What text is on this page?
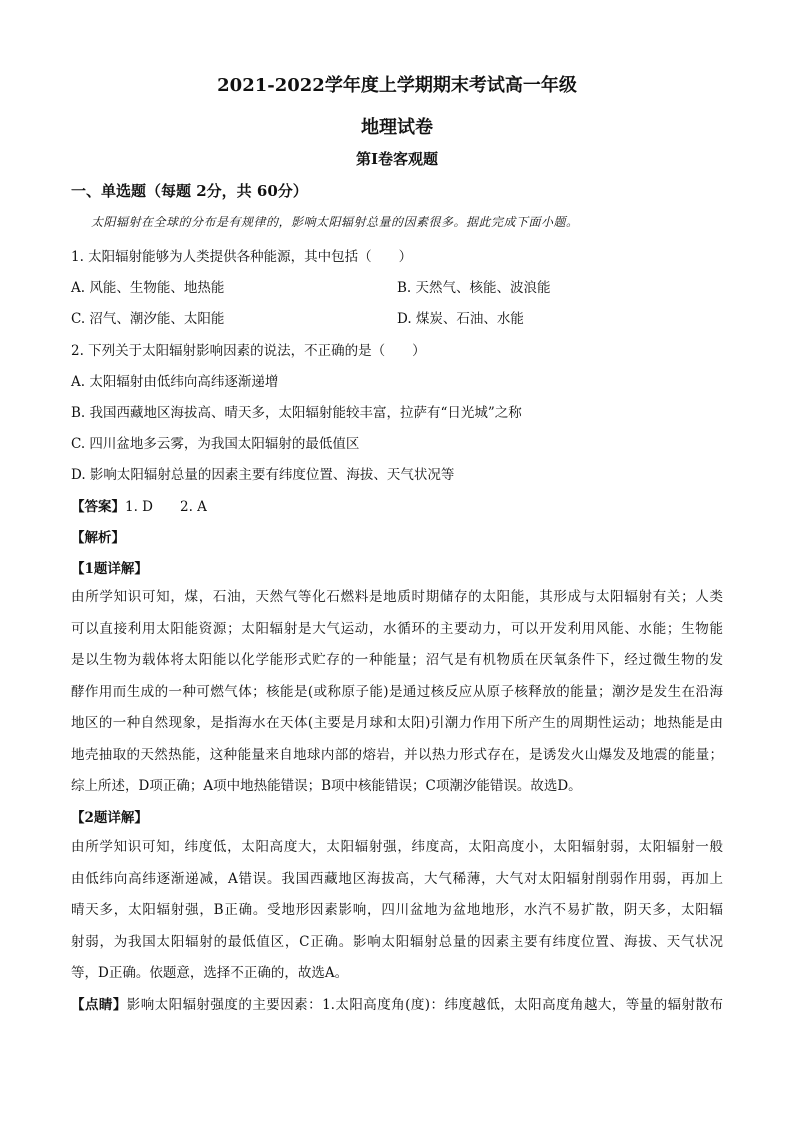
2021-2022学年度上学期期末考试高一年级
地理试卷
第Ⅰ卷客观题
一、单选题（每题 2分，共 60分）
太阳辐射在全球的分布是有规律的，影响太阳辐射总量的因素很多。据此完成下面小题。
1. 太阳辐射能够为人类提供各种能源，其中包括（　　）
A. 风能、生物能、地热能	B. 天然气、核能、波浪能
C. 沼气、潮汐能、太阳能	D. 煤炭、石油、水能
2. 下列关于太阳辐射影响因素的说法，不正确的是（　　）
A. 太阳辐射由低纬向高纬逐渐递增
B. 我国西藏地区海拔高、晴天多，太阳辐射能较丰富，拉萨有“日光城”之称
C. 四川盆地多云雾，为我国太阳辐射的最低值区
D. 影响太阳辐射总量的因素主要有纬度位置、海拔、天气状况等
【答案】1. D　　2. A
【解析】
【1题详解】
由所学知识可知，煤，石油，天然气等化石燃料是地质时期储存的太阳能，其形成与太阳辐射有关；人类
可以直接利用太阳能资源；太阳辐射是大气运动，水循环的主要动力，可以开发利用风能、水能；生物能
是以生物为载体将太阳能以化学能形式贮存的一种能量；沼气是有机物质在厌氧条件下，经过微生物的发
酵作用而生成的一种可燃气体；核能是(或称原子能)是通过核反应从原子核释放的能量；潮汐是发生在沿海
地区的一种自然现象，是指海水在天体(主要是月球和太阳)引潮力作用下所产生的周期性运动；地热能是由
地壳抽取的天然热能，这种能量来自地球内部的熔岩，并以热力形式存在，是诱发火山爆发及地震的能量；
综上所述，D项正确；A项中地热能错误；B项中核能错误；C项潮汐能错误。故选D。
【2题详解】
由所学知识可知，纬度低，太阳高度大，太阳辐射强，纬度高，太阳高度小，太阳辐射弱，太阳辐射一般
由低纬向高纬逐渐递减，A错误。我国西藏地区海拔高，大气稀薄，大气对太阳辐射削弱作用弱，再加上
晴天多，太阳辐射强，B正确。受地形因素影响，四川盆地为盆地地形，水汽不易扩散，阴天多，太阳辐
射弱，为我国太阳辐射的最低值区，C正确。影响太阳辐射总量的因素主要有纬度位置、海拔、天气状况
等，D正确。依题意，选择不正确的，故选A。
【点睛】影响太阳辐射强度的主要因素：1.太阳高度角(度)：纬度越低，太阳高度角越大，等量的辐射散布
